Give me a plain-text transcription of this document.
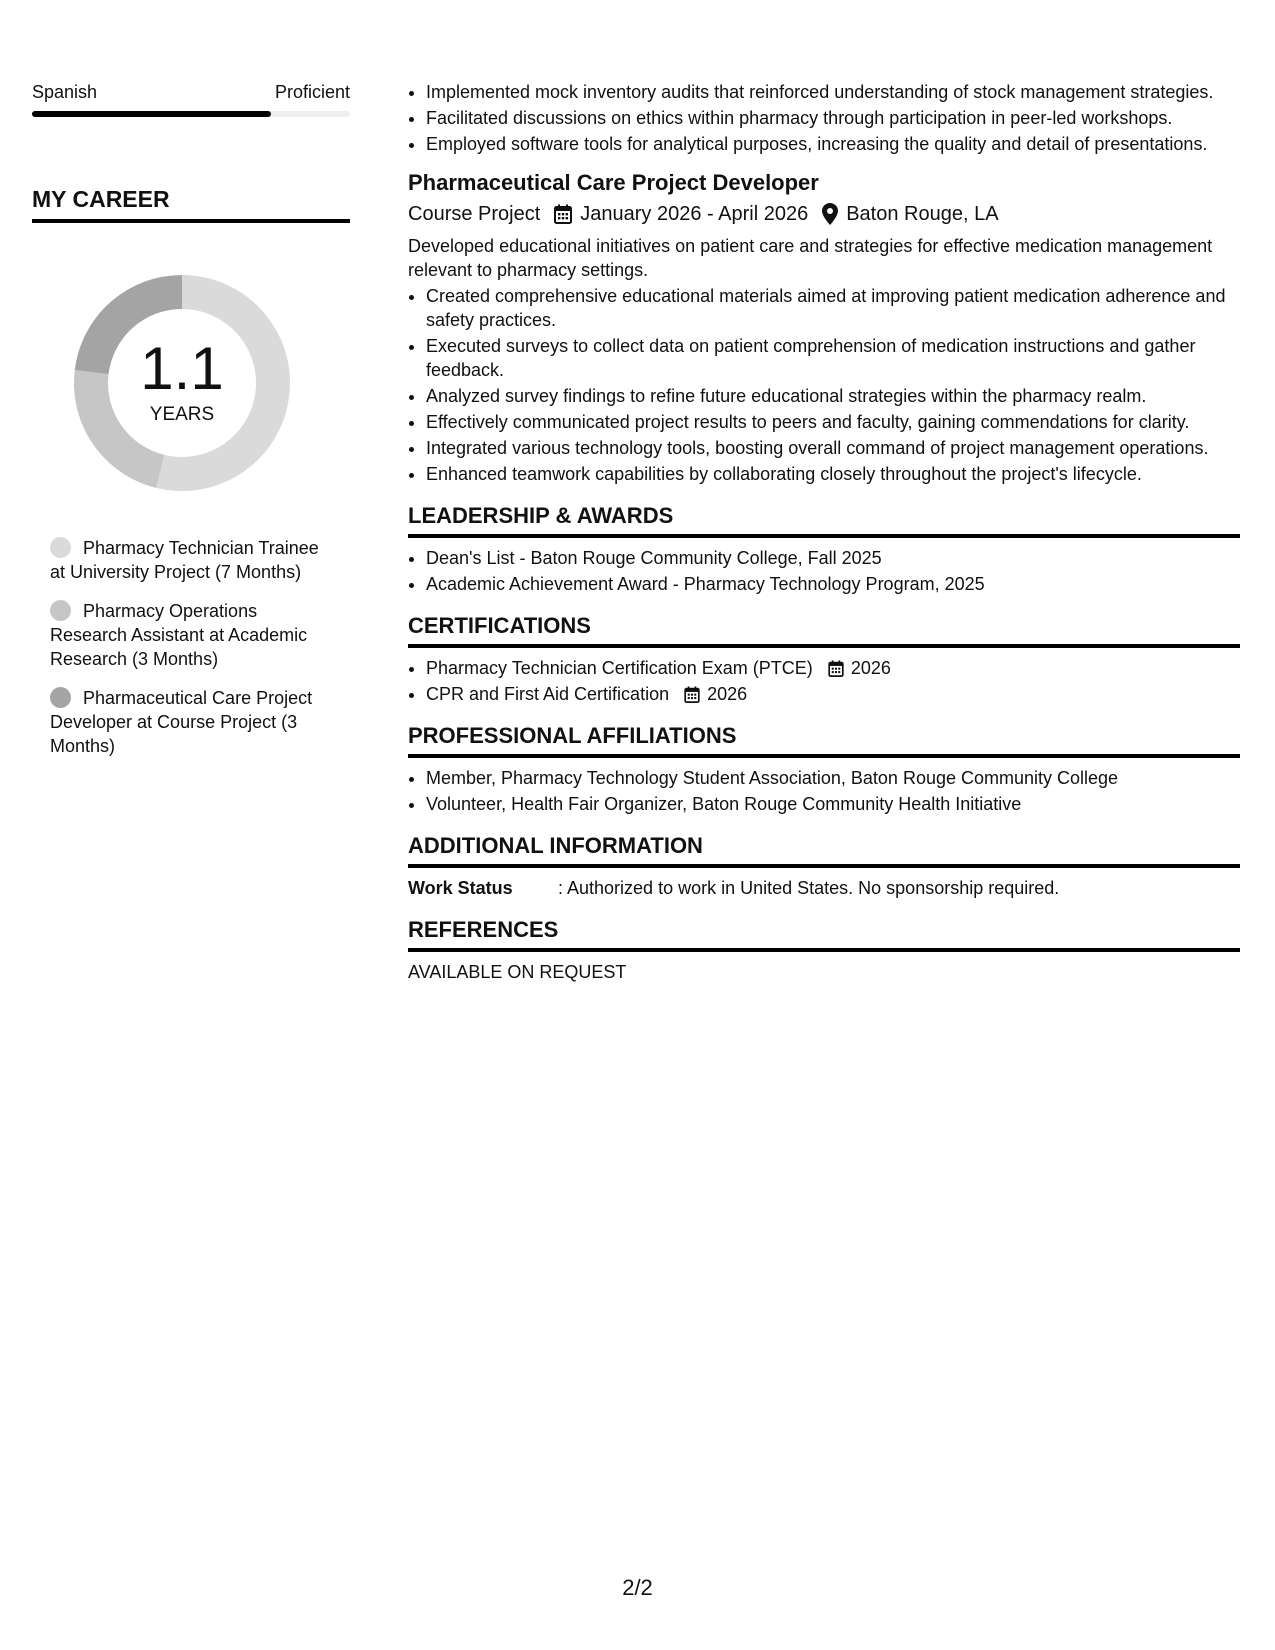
Spanish	Proficient
MY CAREER
1.1
YEARS
Pharmacy Technician Trainee at University Project (7 Months)
Pharmacy Operations Research Assistant at Academic Research (3 Months)
Pharmaceutical Care Project Developer at Course Project (3 Months)
• Implemented mock inventory audits that reinforced understanding of stock management strategies.
• Facilitated discussions on ethics within pharmacy through participation in peer-led workshops.
• Employed software tools for analytical purposes, increasing the quality and detail of presentations.
Pharmaceutical Care Project Developer
Course Project January 2026 - April 2026 Baton Rouge, LA
Developed educational initiatives on patient care and strategies for effective medication management relevant to pharmacy settings.
• Created comprehensive educational materials aimed at improving patient medication adherence and safety practices.
• Executed surveys to collect data on patient comprehension of medication instructions and gather feedback.
• Analyzed survey findings to refine future educational strategies within the pharmacy realm.
• Effectively communicated project results to peers and faculty, gaining commendations for clarity.
• Integrated various technology tools, boosting overall command of project management operations.
• Enhanced teamwork capabilities by collaborating closely throughout the project's lifecycle.
LEADERSHIP & AWARDS
• Dean's List - Baton Rouge Community College, Fall 2025
• Academic Achievement Award - Pharmacy Technology Program, 2025
CERTIFICATIONS
• Pharmacy Technician Certification Exam (PTCE) 2026
• CPR and First Aid Certification 2026
PROFESSIONAL AFFILIATIONS
• Member, Pharmacy Technology Student Association, Baton Rouge Community College
• Volunteer, Health Fair Organizer, Baton Rouge Community Health Initiative
ADDITIONAL INFORMATION
Work Status	: Authorized to work in United States. No sponsorship required.
REFERENCES
AVAILABLE ON REQUEST
2/2
